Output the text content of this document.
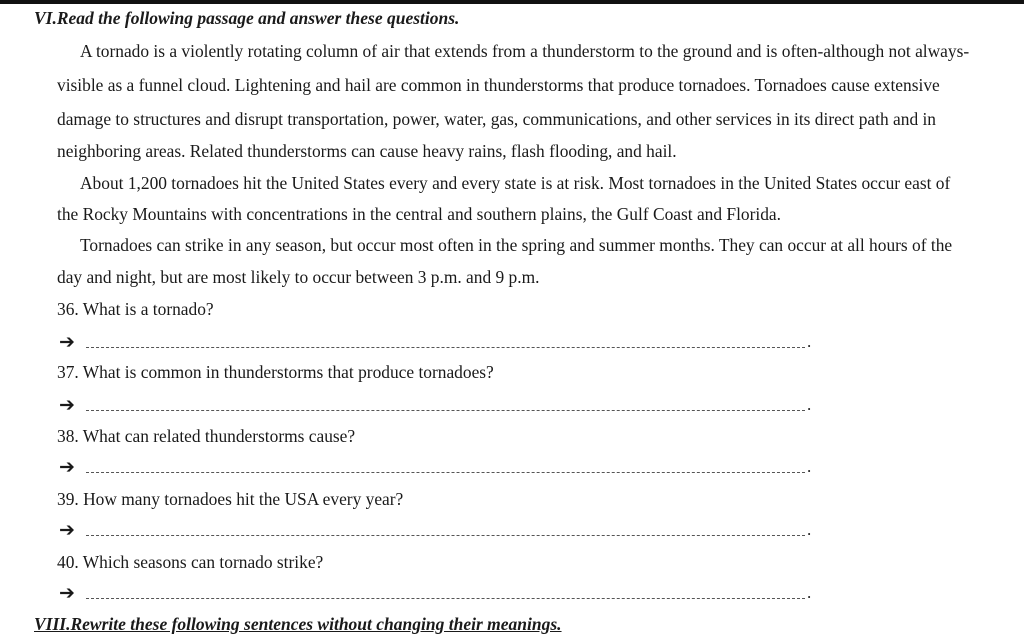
VI.Read the following passage and answer these questions.

A tornado is a violently rotating column of air that extends from a thunderstorm to the ground and is often-although not always-

visible as a funnel cloud. Lightening and hail are common in thunderstorms that produce tornadoes. Tornadoes cause extensive

damage to structures and disrupt transportation, power, water, gas, communications, and other services in its direct path and in

neighboring areas. Related thunderstorms can cause heavy rains, flash flooding, and hail.

About 1,200 tornadoes hit the United States every and every state is at risk. Most tornadoes in the United States occur east of

the Rocky Mountains with concentrations in the central and southern plains, the Gulf Coast and Florida.

Tornadoes can strike in any season, but occur most often in the spring and summer months. They can occur at all hours of the

day and night, but are most likely to occur between 3 p.m. and 9 p.m.

36. What is a tornado?

➔	.

37. What is common in thunderstorms that produce tornadoes?

➔	.

38. What can related thunderstorms cause?

➔	.

39. How many tornadoes hit the USA every year?

➔	.

40. Which seasons can tornado strike?

➔	.

VIII.Rewrite these following sentences without changing their meanings.
